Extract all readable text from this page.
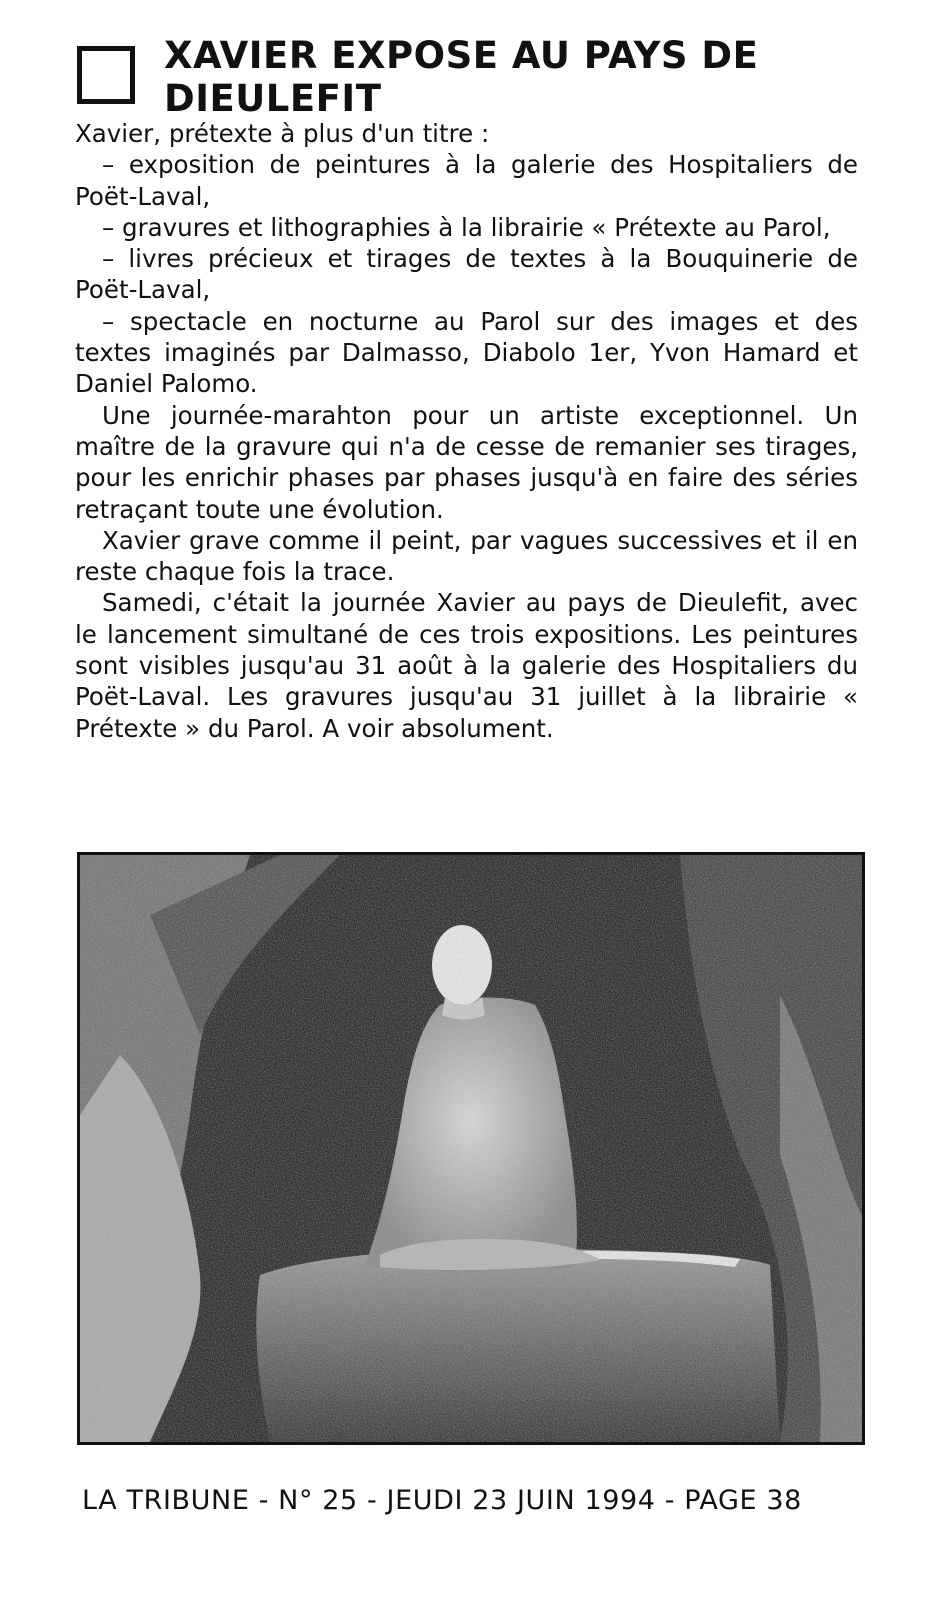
XAVIER EXPOSE AU PAYS DE DIEULEFIT

Xavier, prétexte à plus d'un titre :

– exposition de peintures à la galerie des Hospitaliers de Poët-Laval,

– gravures et lithographies à la librairie « Prétexte au Parol,

– livres précieux et tirages de textes à la Bouquinerie de Poët-Laval,

– spectacle en nocturne au Parol sur des images et des textes imaginés par Dalmasso, Diabolo 1er, Yvon Hamard et Daniel Palomo.

Une journée-marahton pour un artiste exceptionnel. Un maître de la gravure qui n'a de cesse de remanier ses tirages, pour les enrichir phases par phases jusqu'à en faire des séries retraçant toute une évolution.

Xavier grave comme il peint, par vagues successives et il en reste chaque fois la trace.

Samedi, c'était la journée Xavier au pays de Dieulefit, avec le lancement simultané de ces trois expositions. Les peintures sont visibles jusqu'au 31 août à la galerie des Hospitaliers du Poët-Laval. Les gravures jusqu'au 31 juillet à la librairie « Prétexte » du Parol. A voir absolument.

LA TRIBUNE - N° 25 - JEUDI 23 JUIN 1994 - PAGE 38
